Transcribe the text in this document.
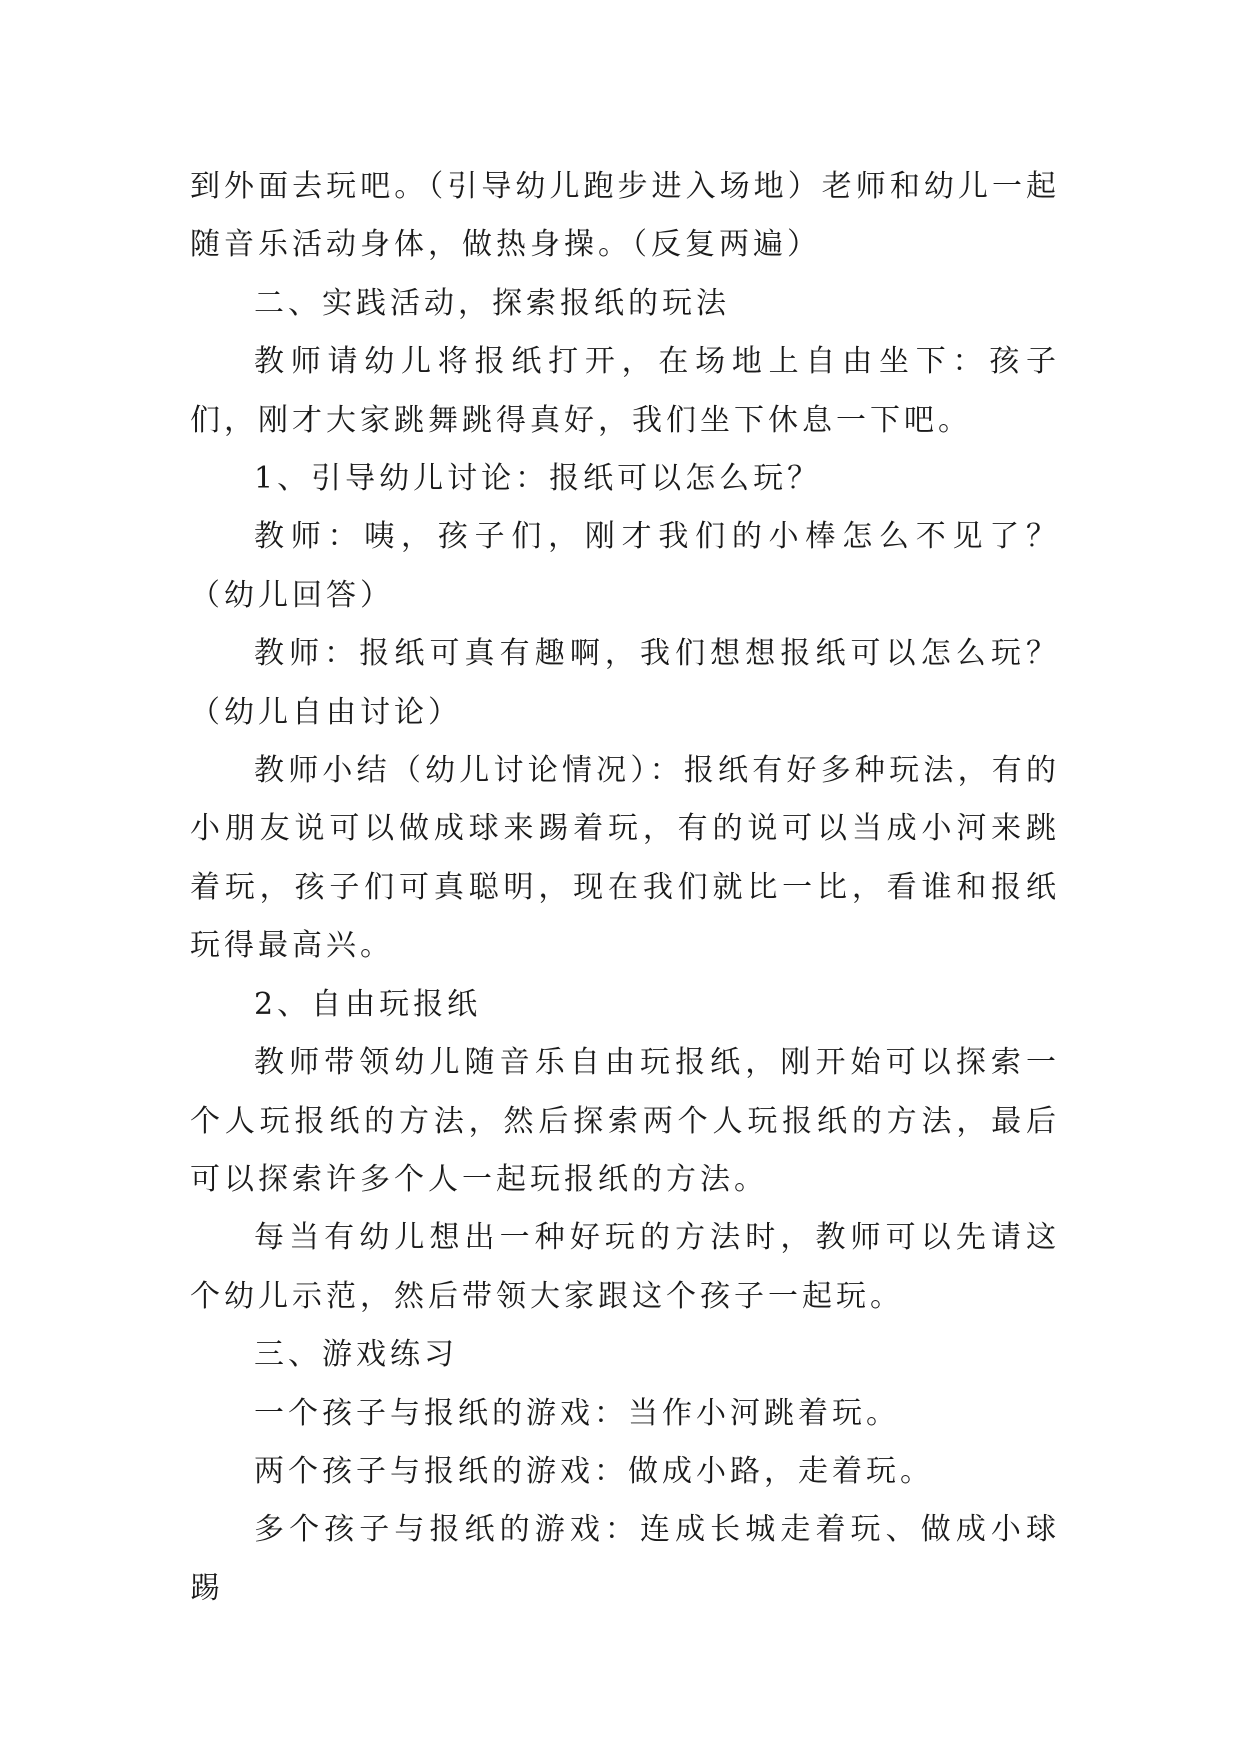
到外面去玩吧。（引导幼儿跑步进入场地）老师和幼儿一起随音乐活动身体，做热身操。（反复两遍）

二、实践活动，探索报纸的玩法

教师请幼儿将报纸打开，在场地上自由坐下：孩子们，刚才大家跳舞跳得真好，我们坐下休息一下吧。

1、引导幼儿讨论：报纸可以怎么玩？

教师：咦，孩子们，刚才我们的小棒怎么不见了？（幼儿回答）

教师：报纸可真有趣啊，我们想想报纸可以怎么玩？（幼儿自由讨论）

教师小结（幼儿讨论情况）：报纸有好多种玩法，有的小朋友说可以做成球来踢着玩，有的说可以当成小河来跳着玩，孩子们可真聪明，现在我们就比一比，看谁和报纸玩得最高兴。

2、自由玩报纸

教师带领幼儿随音乐自由玩报纸，刚开始可以探索一个人玩报纸的方法，然后探索两个人玩报纸的方法，最后可以探索许多个人一起玩报纸的方法。

每当有幼儿想出一种好玩的方法时，教师可以先请这个幼儿示范，然后带领大家跟这个孩子一起玩。

三、游戏练习

一个孩子与报纸的游戏：当作小河跳着玩。

两个孩子与报纸的游戏：做成小路，走着玩。

多个孩子与报纸的游戏：连成长城走着玩、做成小球踢
